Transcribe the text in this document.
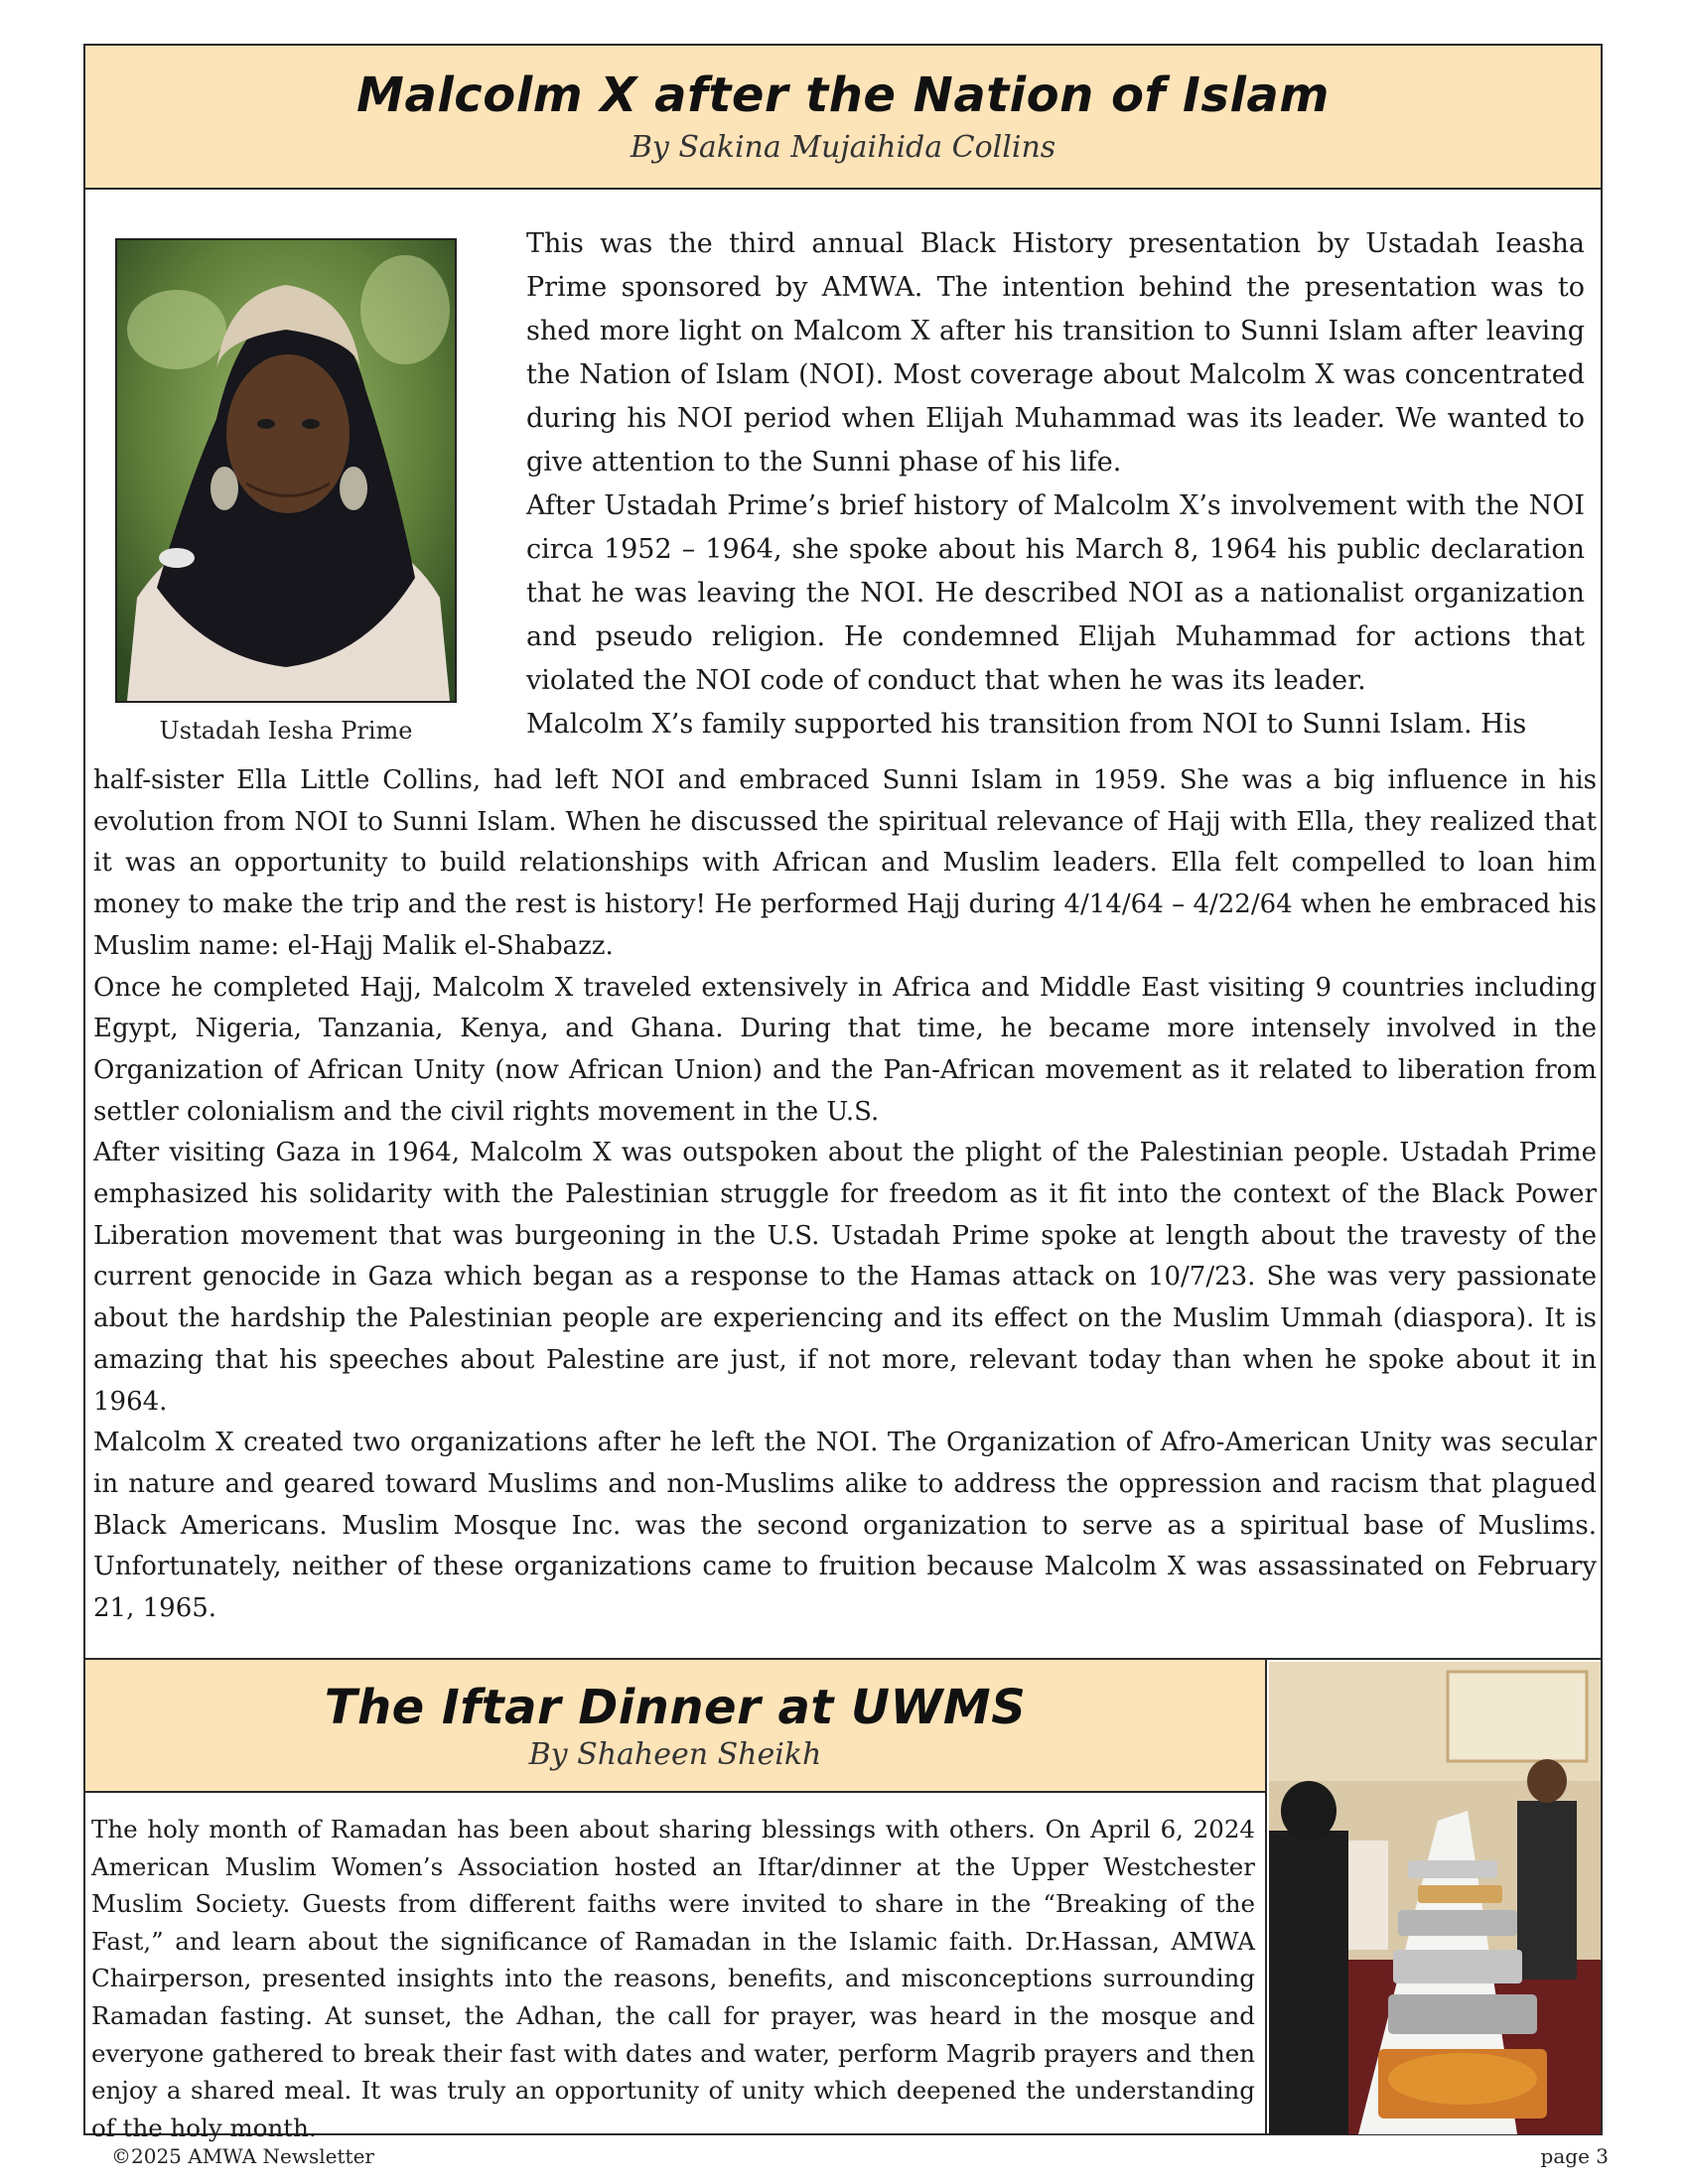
Malcolm X after the Nation of Islam
By Sakina Mujaihida Collins
Ustadah Iesha Prime

This was the third annual Black History presentation by Ustadah Ieasha Prime sponsored by AMWA. The intention behind the presentation was to shed more light on Malcom X after his transition to Sunni Islam after leaving the Nation of Islam (NOI). Most coverage about Malcolm X was concentrated during his NOI period when Elijah Muhammad was its leader. We wanted to give attention to the Sunni phase of his life.

After Ustadah Prime’s brief history of Malcolm X’s involvement with the NOI circa 1952 – 1964, she spoke about his March 8, 1964 his public declaration that he was leaving the NOI. He described NOI as a nationalist organization and pseudo religion. He condemned Elijah Muhammad for actions that violated the NOI code of conduct that when he was its leader.

Malcolm X’s family supported his transition from NOI to Sunni Islam. His

half-sister Ella Little Collins, had left NOI and embraced Sunni Islam in 1959. She was a big influence in his evolution from NOI to Sunni Islam. When he discussed the spiritual relevance of Hajj with Ella, they realized that it was an opportunity to build relationships with African and Muslim leaders. Ella felt compelled to loan him money to make the trip and the rest is history! He performed Hajj during 4/14/64 – 4/22/64 when he embraced his Muslim name: el-Hajj Malik el-Shabazz.

Once he completed Hajj, Malcolm X traveled extensively in Africa and Middle East visiting 9 countries including Egypt, Nigeria, Tanzania, Kenya, and Ghana. During that time, he became more intensely involved in the Organization of African Unity (now African Union) and the Pan-African movement as it related to liberation from settler colonialism and the civil rights movement in the U.S.

After visiting Gaza in 1964, Malcolm X was outspoken about the plight of the Palestinian people. Ustadah Prime emphasized his solidarity with the Palestinian struggle for freedom as it fit into the context of the Black Power Liberation movement that was burgeoning in the U.S. Ustadah Prime spoke at length about the travesty of the current genocide in Gaza which began as a response to the Hamas attack on 10/7/23. She was very passionate about the hardship the Palestinian people are experiencing and its effect on the Muslim Ummah (diaspora). It is amazing that his speeches about Palestine are just, if not more, relevant today than when he spoke about it in 1964.

Malcolm X created two organizations after he left the NOI. The Organization of Afro-American Unity was secular in nature and geared toward Muslims and non-Muslims alike to address the oppression and racism that plagued Black Americans. Muslim Mosque Inc. was the second organization to serve as a spiritual base of Muslims. Unfortunately, neither of these organizations came to fruition because Malcolm X was assassinated on February 21, 1965.

The Iftar Dinner at UWMS
By Shaheen Sheikh

The holy month of Ramadan has been about sharing blessings with others. On April 6, 2024 American Muslim Women’s Association hosted an Iftar/dinner at the Upper Westchester Muslim Society. Guests from different faiths were invited to share in the “Breaking of the Fast,” and learn about the significance of Ramadan in the Islamic faith. Dr.Hassan, AMWA Chairperson, presented insights into the reasons, benefits, and misconceptions surrounding Ramadan fasting. At sunset, the Adhan, the call for prayer, was heard in the mosque and everyone gathered to break their fast with dates and water, perform Magrib prayers and then enjoy a shared meal. It was truly an opportunity of unity which deepened the understanding of the holy month.

©2025 AMWA Newsletter	page 3
